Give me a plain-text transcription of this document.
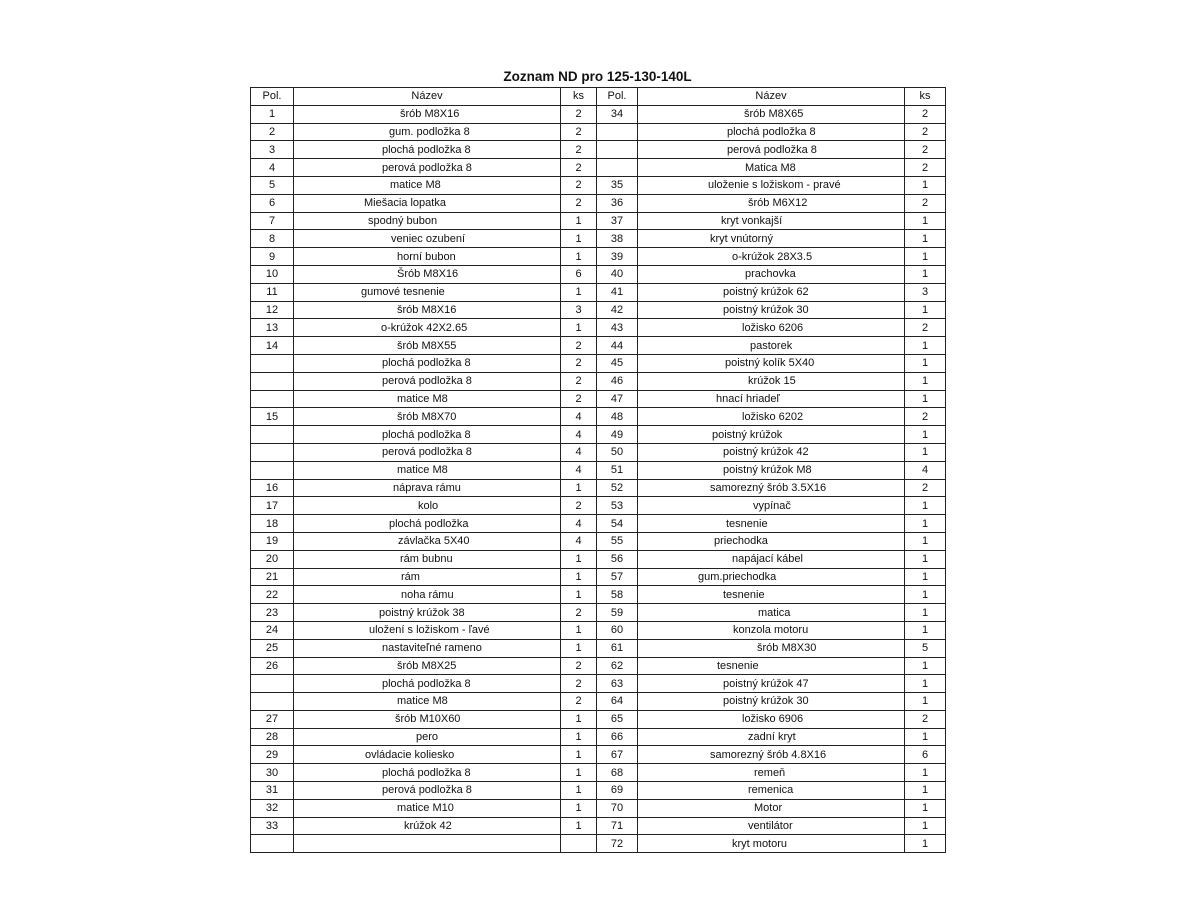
Zoznam ND pro 125-130-140L
Pol.	Název	ks	Pol.	Název	ks
1	šrób M8X16	2	34	šrób M8X65	2
2	gum. podložka 8	2		plochá podložka 8	2
3	plochá podložka 8	2		perová podložka 8	2
4	perová podložka 8	2		Matica M8	2
5	matice M8	2	35	uloženie s ložiskom - pravé	1
6	Miešacia lopatka	2	36	šrób M6X12	2
7	spodný bubon	1	37	kryt vonkajší	1
8	veniec ozubení	1	38	kryt vnútorný	1
9	horní bubon	1	39	o-krúžok 28X3.5	1
10	Šrób M8X16	6	40	prachovka	1
11	gumové tesnenie	1	41	poistný krúžok 62	3
12	šrób M8X16	3	42	poistný krúžok 30	1
13	o-krúžok 42X2.65	1	43	ložisko 6206	2
14	šrób M8X55	2	44	pastorek	1
	plochá podložka 8	2	45	poistný kolík 5X40	1
	perová podložka 8	2	46	krúžok 15	1
	matice M8	2	47	hnací hriadeľ	1
15	šrób M8X70	4	48	ložisko 6202	2
	plochá podložka 8	4	49	poistný krúžok	1
	perová podložka 8	4	50	poistný krúžok 42	1
	matice M8	4	51	poistný krúžok M8	4
16	náprava rámu	1	52	samorezný šrób 3.5X16	2
17	kolo	2	53	vypínač	1
18	plochá podložka	4	54	tesnenie	1
19	závlačka 5X40	4	55	priechodka	1
20	rám bubnu	1	56	napájací kábel	1
21	rám	1	57	gum.priechodka	1
22	noha rámu	1	58	tesnenie	1
23	poistný krúžok 38	2	59	matica	1
24	uložení s ložiskom - ľavé	1	60	konzola motoru	1
25	nastaviteľné rameno	1	61	šrób M8X30	5
26	šrób M8X25	2	62	tesnenie	1
	plochá podložka 8	2	63	poistný krúžok 47	1
	matice M8	2	64	poistný krúžok 30	1
27	šrób M10X60	1	65	ložisko 6906	2
28	pero	1	66	zadní kryt	1
29	ovládacie koliesko	1	67	samorezný šrób 4.8X16	6
30	plochá podložka 8	1	68	remeň	1
31	perová podložka 8	1	69	remenica	1
32	matice M10	1	70	Motor	1
33	krúžok 42	1	71	ventilátor	1
			72	kryt motoru	1
